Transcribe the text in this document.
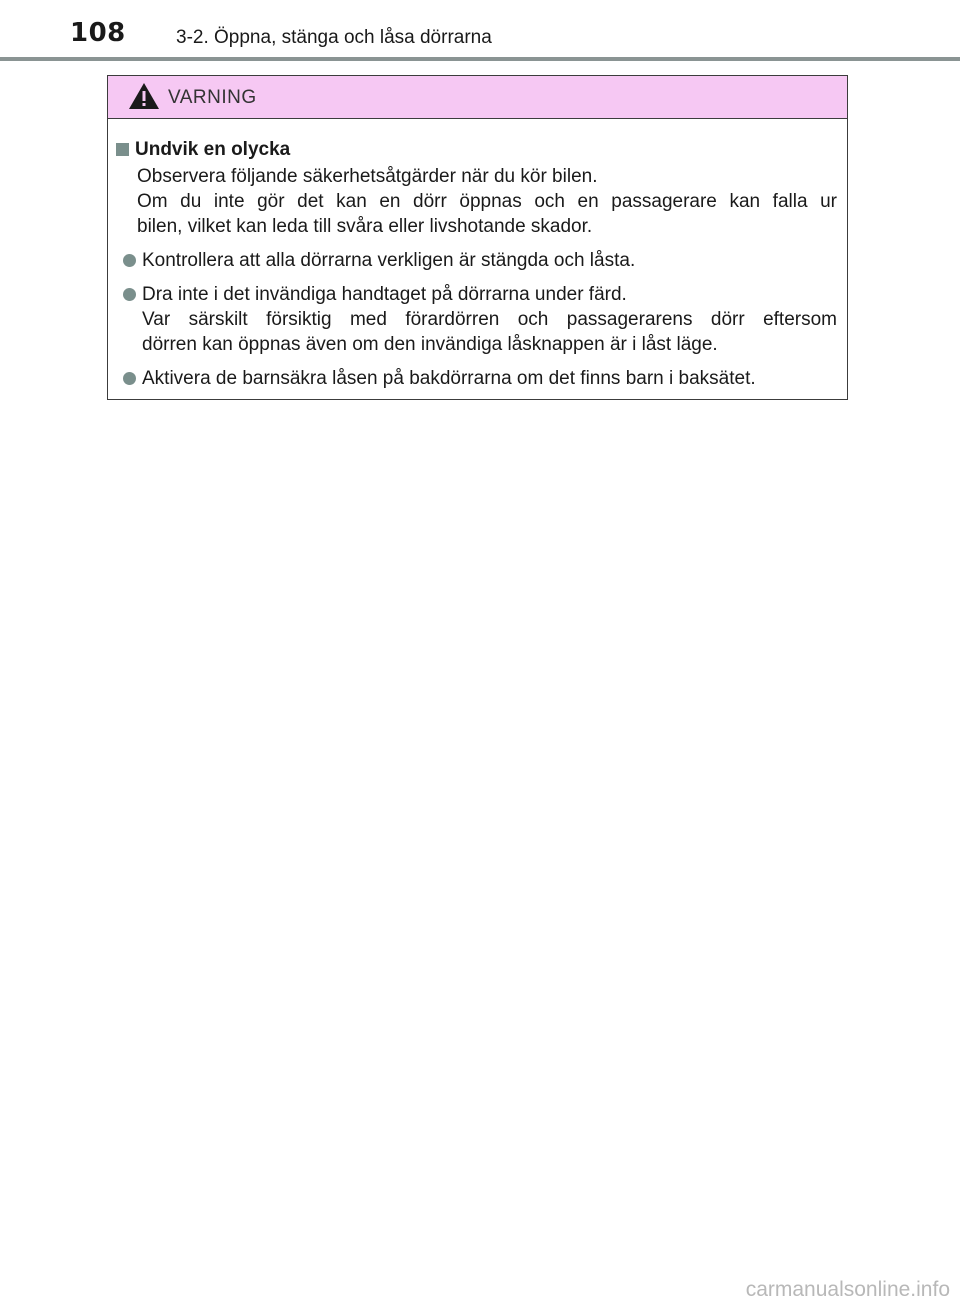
108	3-2. Öppna, stänga och låsa dörrarna
VARNING
Undvik en olycka
Observera följande säkerhetsåtgärder när du kör bilen.
Om du inte gör det kan en dörr öppnas och en passagerare kan falla ur
bilen, vilket kan leda till svåra eller livshotande skador.
Kontrollera att alla dörrarna verkligen är stängda och låsta.
Dra inte i det invändiga handtaget på dörrarna under färd.
Var särskilt försiktig med förardörren och passagerarens dörr eftersom
dörren kan öppnas även om den invändiga låsknappen är i låst läge.
Aktivera de barnsäkra låsen på bakdörrarna om det finns barn i baksätet.
carmanualsonline.info
